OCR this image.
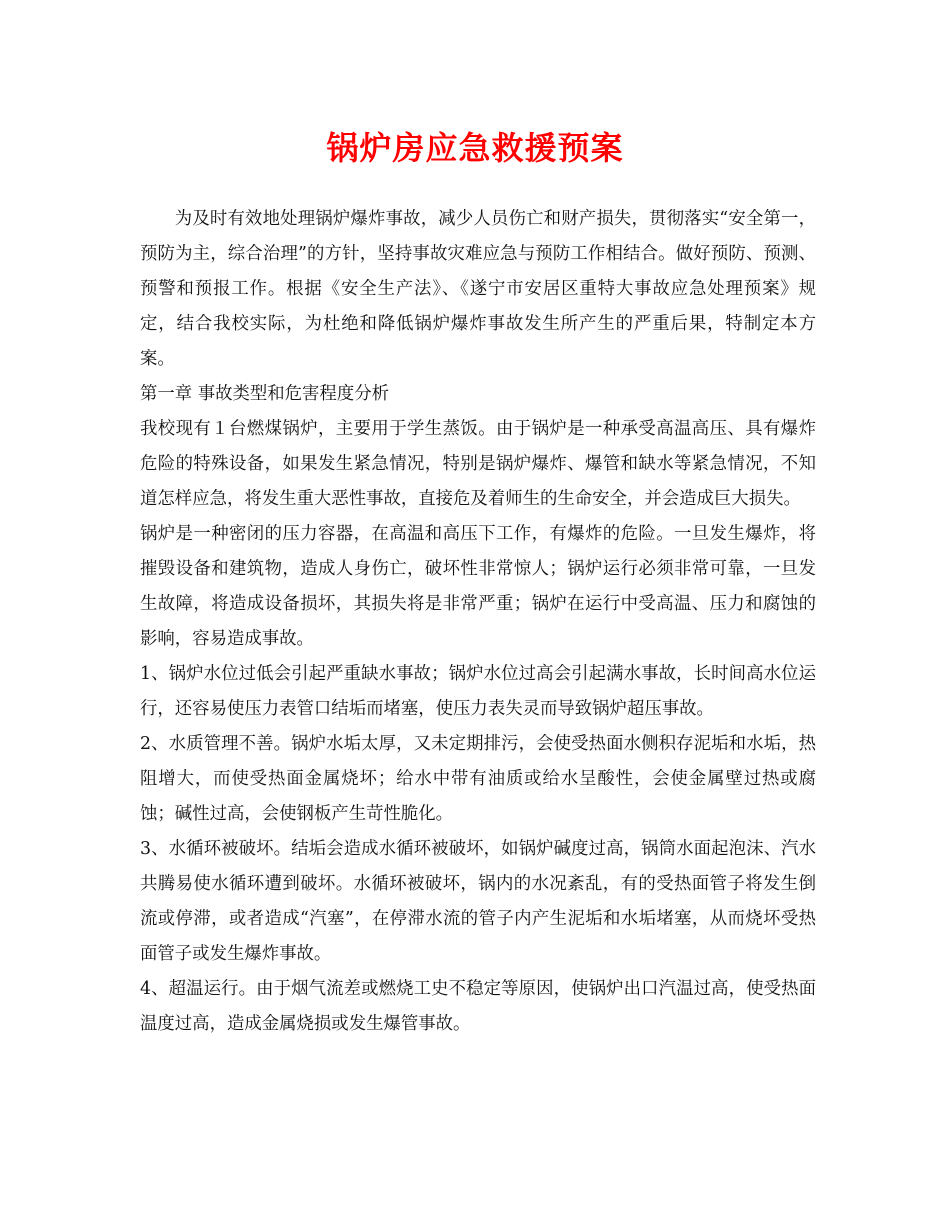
锅炉房应急救援预案

为及时有效地处理锅炉爆炸事故，减少人员伤亡和财产损失，贯彻落实“安全第一，预防为主，综合治理”的方针，坚持事故灾难应急与预防工作相结合。做好预防、预测、预警和预报工作。根据《安全生产法》、《遂宁市安居区重特大事故应急处理预案》规定，结合我校实际，为杜绝和降低锅炉爆炸事故发生所产生的严重后果，特制定本方案。

第一章 事故类型和危害程度分析

我校现有１台燃煤锅炉，主要用于学生蒸饭。由于锅炉是一种承受高温高压、具有爆炸危险的特殊设备，如果发生紧急情况，特别是锅炉爆炸、爆管和缺水等紧急情况，不知道怎样应急，将发生重大恶性事故，直接危及着师生的生命安全，并会造成巨大损失。

锅炉是一种密闭的压力容器，在高温和高压下工作，有爆炸的危险。一旦发生爆炸，将摧毁设备和建筑物，造成人身伤亡，破坏性非常惊人；锅炉运行必须非常可靠，一旦发生故障，将造成设备损坏，其损失将是非常严重；锅炉在运行中受高温、压力和腐蚀的影响，容易造成事故。

1、锅炉水位过低会引起严重缺水事故；锅炉水位过高会引起满水事故，长时间高水位运行，还容易使压力表管口结垢而堵塞，使压力表失灵而导致锅炉超压事故。

2、水质管理不善。锅炉水垢太厚，又未定期排污，会使受热面水侧积存泥垢和水垢，热阻增大，而使受热面金属烧坏；给水中带有油质或给水呈酸性，会使金属壁过热或腐蚀；碱性过高，会使钢板产生苛性脆化。

3、水循环被破坏。结垢会造成水循环被破坏，如锅炉碱度过高，锅筒水面起泡沫、汽水共腾易使水循环遭到破坏。水循环被破坏，锅内的水况紊乱，有的受热面管子将发生倒流或停滞，或者造成“汽塞”，在停滞水流的管子内产生泥垢和水垢堵塞，从而烧坏受热面管子或发生爆炸事故。

4、超温运行。由于烟气流差或燃烧工史不稳定等原因，使锅炉出口汽温过高，使受热面温度过高，造成金属烧损或发生爆管事故。
